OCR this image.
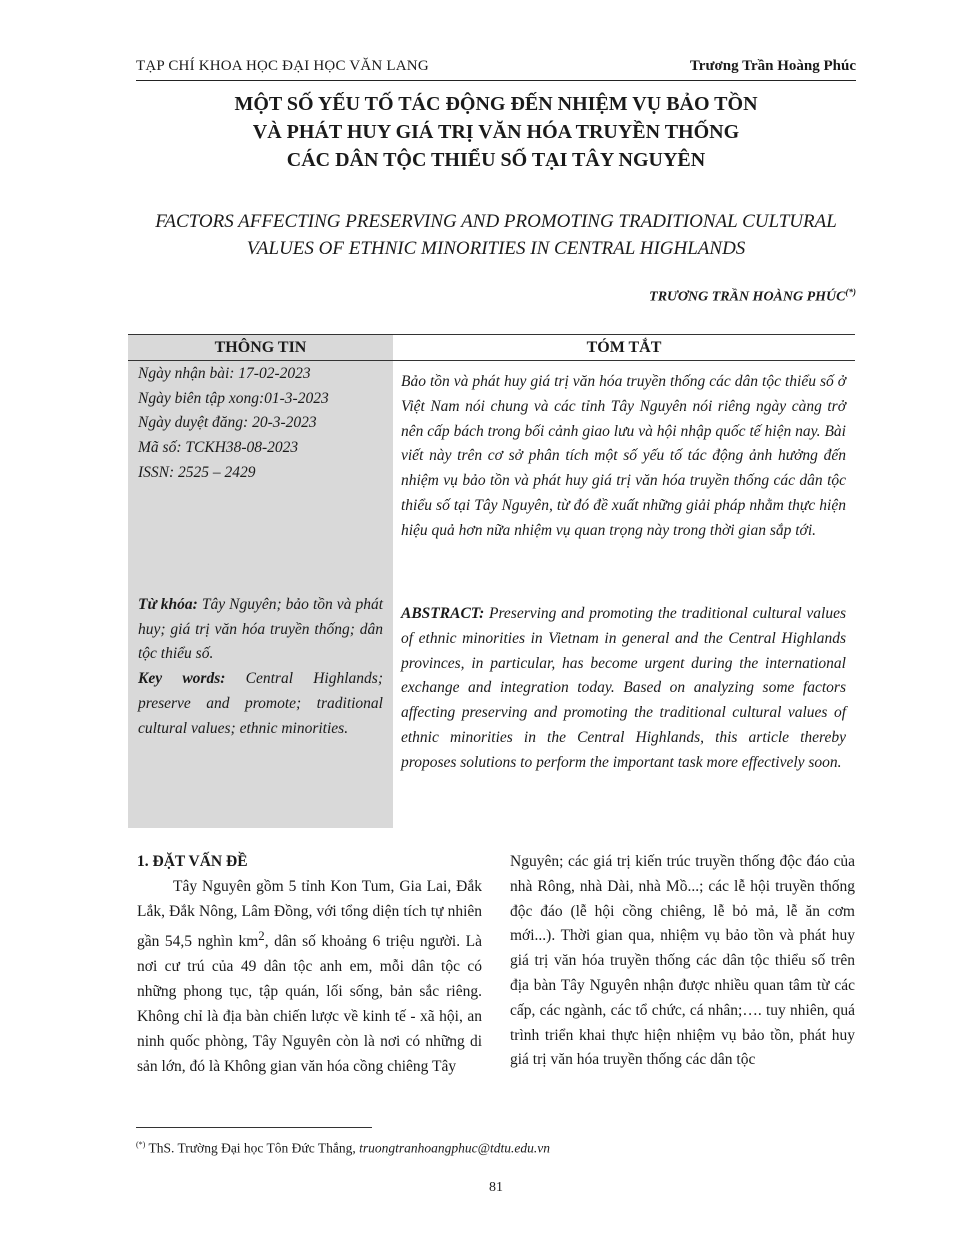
TẠP CHÍ KHOA HỌC ĐẠI HỌC VĂN LANG	Trương Trần Hoàng Phúc
MỘT SỐ YẾU TỐ TÁC ĐỘNG ĐẾN NHIỆM VỤ BẢO TỒN
VÀ PHÁT HUY GIÁ TRỊ VĂN HÓA TRUYỀN THỐNG
CÁC DÂN TỘC THIỂU SỐ TẠI TÂY NGUYÊN
FACTORS AFFECTING PRESERVING AND PROMOTING TRADITIONAL CULTURAL
VALUES OF ETHNIC MINORITIES IN CENTRAL HIGHLANDS
TRƯƠNG TRẦN HOÀNG PHÚC(*)
THÔNG TIN	TÓM TẮT
Ngày nhận bài: 17-02-2023
Ngày biên tập xong:01-3-2023
Ngày duyệt đăng: 20-3-2023
Mã số: TCKH38-08-2023
ISSN: 2525 – 2429
Từ khóa: Tây Nguyên; bảo tồn và phát huy; giá trị văn hóa truyền thống; dân tộc thiểu số.
Key words: Central Highlands; preserve and promote; traditional cultural values; ethnic minorities.
Bảo tồn và phát huy giá trị văn hóa truyền thống các dân tộc thiểu số ở Việt Nam nói chung và các tỉnh Tây Nguyên nói riêng ngày càng trở nên cấp bách trong bối cảnh giao lưu và hội nhập quốc tế hiện nay. Bài viết này trên cơ sở phân tích một số yếu tố tác động ảnh hưởng đến nhiệm vụ bảo tồn và phát huy giá trị văn hóa truyền thống các dân tộc thiểu số tại Tây Nguyên, từ đó đề xuất những giải pháp nhằm thực hiện hiệu quả hơn nữa nhiệm vụ quan trọng này trong thời gian sắp tới.
ABSTRACT: Preserving and promoting the traditional cultural values of ethnic minorities in Vietnam in general and the Central Highlands provinces, in particular, has become urgent during the international exchange and integration today. Based on analyzing some factors affecting preserving and promoting the traditional cultural values of ethnic minorities in the Central Highlands, this article thereby proposes solutions to perform the important task more effectively soon.
1. ĐẶT VẤN ĐỀ
Tây Nguyên gồm 5 tỉnh Kon Tum, Gia Lai, Đắk Lắk, Đắk Nông, Lâm Đồng, với tổng diện tích tự nhiên gần 54,5 nghìn $km^2$, dân số khoảng 6 triệu người. Là nơi cư trú của 49 dân tộc anh em, mỗi dân tộc có những phong tục, tập quán, lối sống, bản sắc riêng. Không chỉ là địa bàn chiến lược về kinh tế - xã hội, an ninh quốc phòng, Tây Nguyên còn là nơi có những di sản lớn, đó là Không gian văn hóa cồng chiêng Tây
Nguyên; các giá trị kiến trúc truyền thống độc đáo của nhà Rông, nhà Dài, nhà Mồ...; các lễ hội truyền thống độc đáo (lễ hội cồng chiêng, lễ bỏ mả, lễ ăn cơm mới...). Thời gian qua, nhiệm vụ bảo tồn và phát huy giá trị văn hóa truyền thống các dân tộc thiểu số trên địa bàn Tây Nguyên nhận được nhiều quan tâm từ các cấp, các ngành, các tổ chức, cá nhân;…. tuy nhiên, quá trình triển khai thực hiện nhiệm vụ bảo tồn, phát huy giá trị văn hóa truyền thống các dân tộc
(*) ThS. Trường Đại học Tôn Đức Thắng, truongtranhoangphuc@tdtu.edu.vn
81
